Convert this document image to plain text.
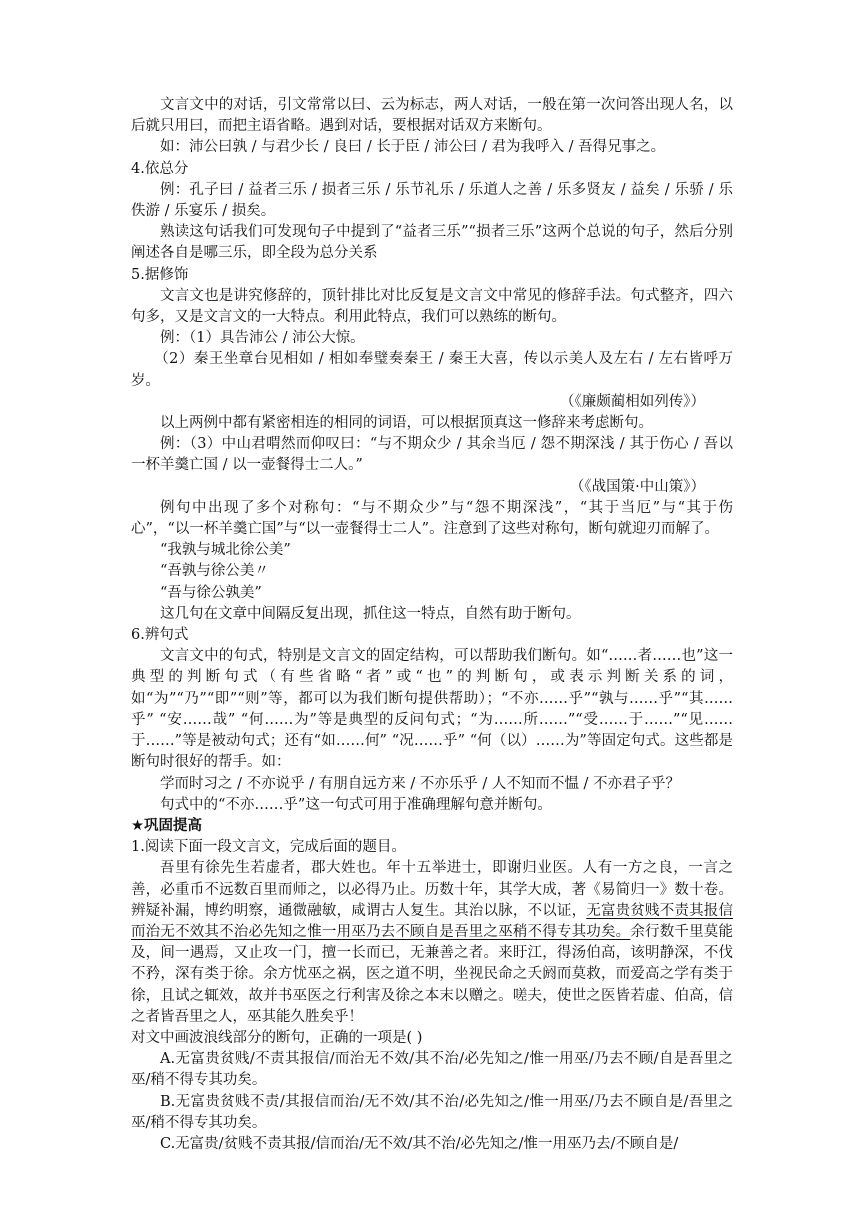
文言文中的对话，引文常常以曰、云为标志，两人对话，一般在第一次问答出现人名，以后就只用曰，而把主语省略。遇到对话，要根据对话双方来断句。

如：沛公曰孰 / 与君少长 / 良曰 / 长于臣 / 沛公曰 / 君为我呼入 / 吾得兄事之。

4.依总分

例：孔子曰 / 益者三乐 / 损者三乐 / 乐节礼乐 / 乐道人之善 / 乐多贤友 / 益矣 / 乐骄 / 乐佚游 / 乐宴乐 / 损矣。

熟读这句话我们可发现句子中提到了“益者三乐”“损者三乐”这两个总说的句子，然后分别阐述各自是哪三乐，即全段为总分关系

5.据修饰

文言文也是讲究修辞的，顶针排比对比反复是文言文中常见的修辞手法。句式整齐，四六句多，又是文言文的一大特点。利用此特点，我们可以熟练的断句。

例：（1）具告沛公 / 沛公大惊。

（2）秦王坐章台见相如 / 相如奉璧奏秦王 / 秦王大喜，传以示美人及左右 / 左右皆呼万岁。

（《廉颇蔺相如列传》）

以上两例中都有紧密相连的相同的词语，可以根据顶真这一修辞来考虑断句。

例：（3）中山君喟然而仰叹曰：“与不期众少 / 其余当厄 / 怨不期深浅 / 其于伤心 / 吾以一杯羊羹亡国 / 以一壶餐得士二人。”

（《战国策·中山策》）

例句中出现了多个对称句：“与不期众少”与“怨不期深浅”，“其于当厄”与“其于伤心”，“以一杯羊羹亡国”与“以一壶餐得士二人”。注意到了这些对称句，断句就迎刃而解了。

“我孰与城北徐公美”

“吾孰与徐公美〃

“吾与徐公孰美”

这几句在文章中间隔反复出现，抓住这一特点，自然有助于断句。

6.辨句式

文言文中的句式，特别是文言文的固定结构，可以帮助我们断句。如“……者……也”这一典型的判断句式（有些省略“者”或“也”的判断句，或表示判断关系的词，如“为”“乃”“即”“则”等，都可以为我们断句提供帮助）；“不亦……乎”“孰与……乎”“其……乎” “安……哉” “何……为”等是典型的反问句式；“为……所……”“受……于……”“见……于……”等是被动句式；还有“如……何” “况……乎” “何（以）……为”等固定句式。这些都是断句时很好的帮手。如：

学而时习之 / 不亦说乎 / 有朋自远方来 / 不亦乐乎 / 人不知而不愠 / 不亦君子乎？

句式中的“不亦……乎”这一句式可用于准确理解句意并断句。

★巩固提高

1.阅读下面一段文言文，完成后面的题目。

吾里有徐先生若虚者，郡大姓也。年十五举进士，即谢归业医。人有一方之良，一言之善，必重币不远数百里而师之，以必得乃止。历数十年，其学大成，著《易简归一》数十卷。辨疑补漏，博约明察，通微融敏，咸谓古人复生。其治以脉，不以证，无富贵贫贱不责其报信而治无不效其不治必先知之惟一用巫乃去不顾自是吾里之巫稍不得专其功矣。余行数千里莫能及，间一遇焉，又止攻一门，擅一长而已，无兼善之者。来盱江，得汤伯高，该明静深，不伐不矜，深有类于徐。余方忧巫之祸，医之道不明，坐视民命之夭阏而莫救，而爱高之学有类于徐，且试之辄效，故并书巫医之行利害及徐之本末以赠之。嗟夫，使世之医皆若虚、伯高，信之者皆吾里之人，巫其能久胜矣乎！

对文中画波浪线部分的断句，正确的一项是( )

A.无富贵贫贱/不责其报信/而治无不效/其不治/必先知之/惟一用巫/乃去不顾/自是吾里之巫/稍不得专其功矣。

B.无富贵贫贱不责/其报信而治/无不效/其不治/必先知之/惟一用巫/乃去不顾自是/吾里之巫/稍不得专其功矣。

C.无富贵/贫贱不责其报/信而治/无不效/其不治/必先知之/惟一用巫乃去/不顾自是/
